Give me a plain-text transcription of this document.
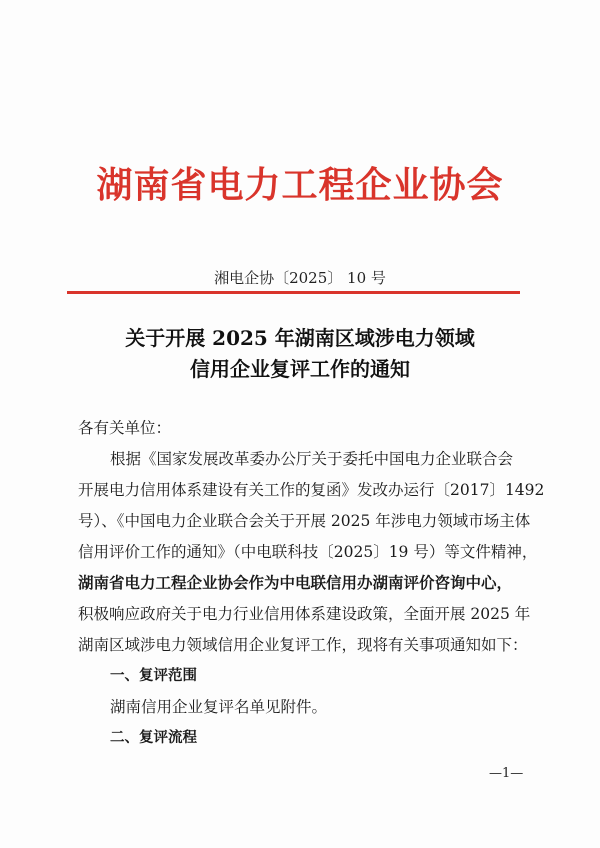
湖南省电力工程企业协会
湘电企协〔2025〕 10 号
关于开展 2025 年湖南区域涉电力领域
信用企业复评工作的通知
各有关单位：
根据《国家发展改革委办公厅关于委托中国电力企业联合会
开展电力信用体系建设有关工作的复函》发改办运行〔2017〕1492
号）、《中国电力企业联合会关于开展 2025 年涉电力领域市场主体
信用评价工作的通知》（中电联科技〔2025〕19 号）等文件精神，
湖南省电力工程企业协会作为中电联信用办湖南评价咨询中心，
积极响应政府关于电力行业信用体系建设政策，全面开展 2025 年
湖南区域涉电力领域信用企业复评工作，现将有关事项通知如下：
一、复评范围
湖南信用企业复评名单见附件。
二、复评流程
—1—
